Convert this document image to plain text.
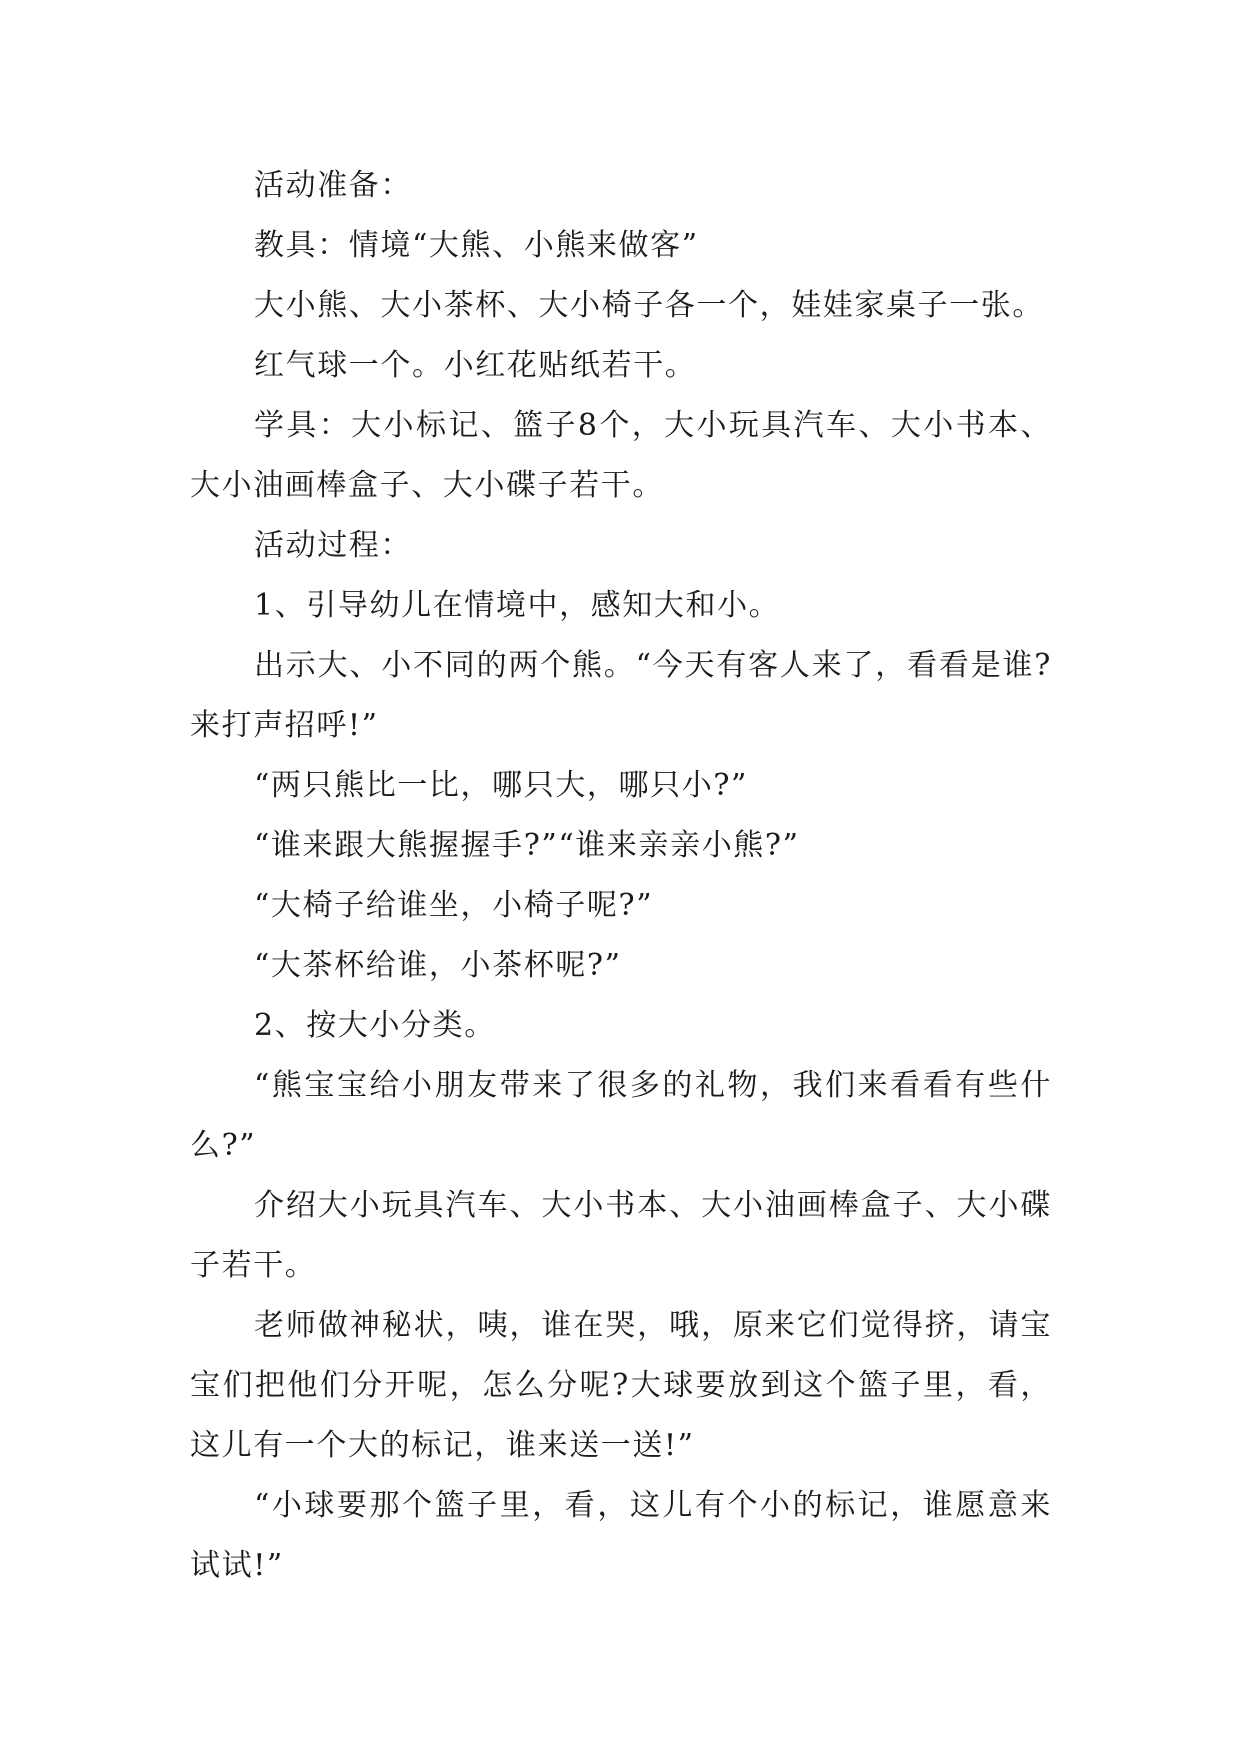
活动准备：

教具：情境“大熊、小熊来做客”

大小熊、大小茶杯、大小椅子各一个，娃娃家桌子一张。

红气球一个。小红花贴纸若干。

学具：大小标记、篮子8个，大小玩具汽车、大小书本、大小油画棒盒子、大小碟子若干。

活动过程：

1、引导幼儿在情境中，感知大和小。

出示大、小不同的两个熊。“今天有客人来了，看看是谁?来打声招呼!”

“两只熊比一比，哪只大，哪只小?”

“谁来跟大熊握握手?”“谁来亲亲小熊?”

“大椅子给谁坐，小椅子呢?”

“大茶杯给谁，小茶杯呢?”

2、按大小分类。

“熊宝宝给小朋友带来了很多的礼物，我们来看看有些什么?”

介绍大小玩具汽车、大小书本、大小油画棒盒子、大小碟子若干。

老师做神秘状，咦，谁在哭，哦，原来它们觉得挤，请宝宝们把他们分开呢，怎么分呢?大球要放到这个篮子里，看，这儿有一个大的标记，谁来送一送!”

“小球要那个篮子里，看，这儿有个小的标记，谁愿意来试试!”
